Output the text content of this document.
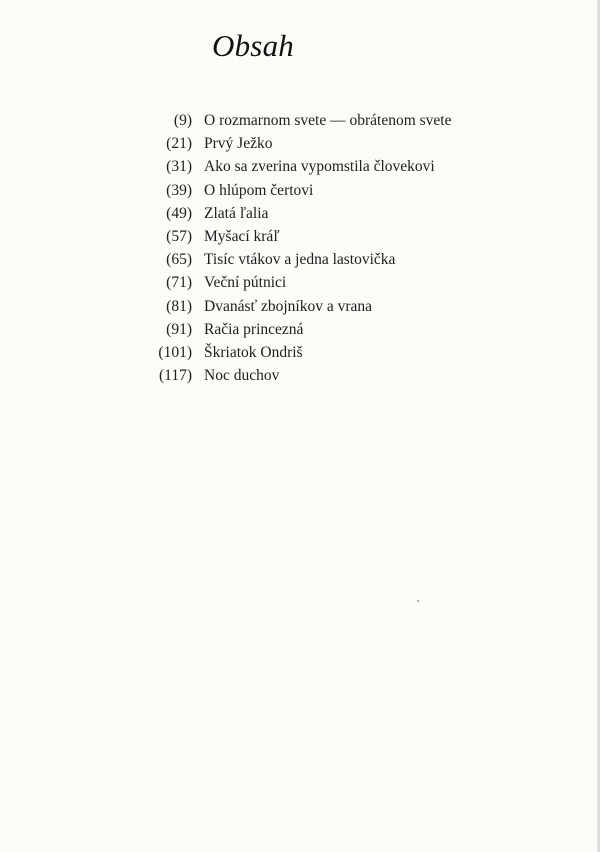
Obsah
(9) O rozmarnom svete — obrátenom svete
(21) Prvý Ježko
(31) Ako sa zverina vypomstila človekovi
(39) O hlúpom čertovi
(49) Zlatá ľalia
(57) Myšací kráľ
(65) Tisíc vtákov a jedna lastovička
(71) Veční pútnici
(81) Dvanásť zbojníkov a vrana
(91) Račia princezná
(101) Škriatok Ondriš
(117) Noc duchov
